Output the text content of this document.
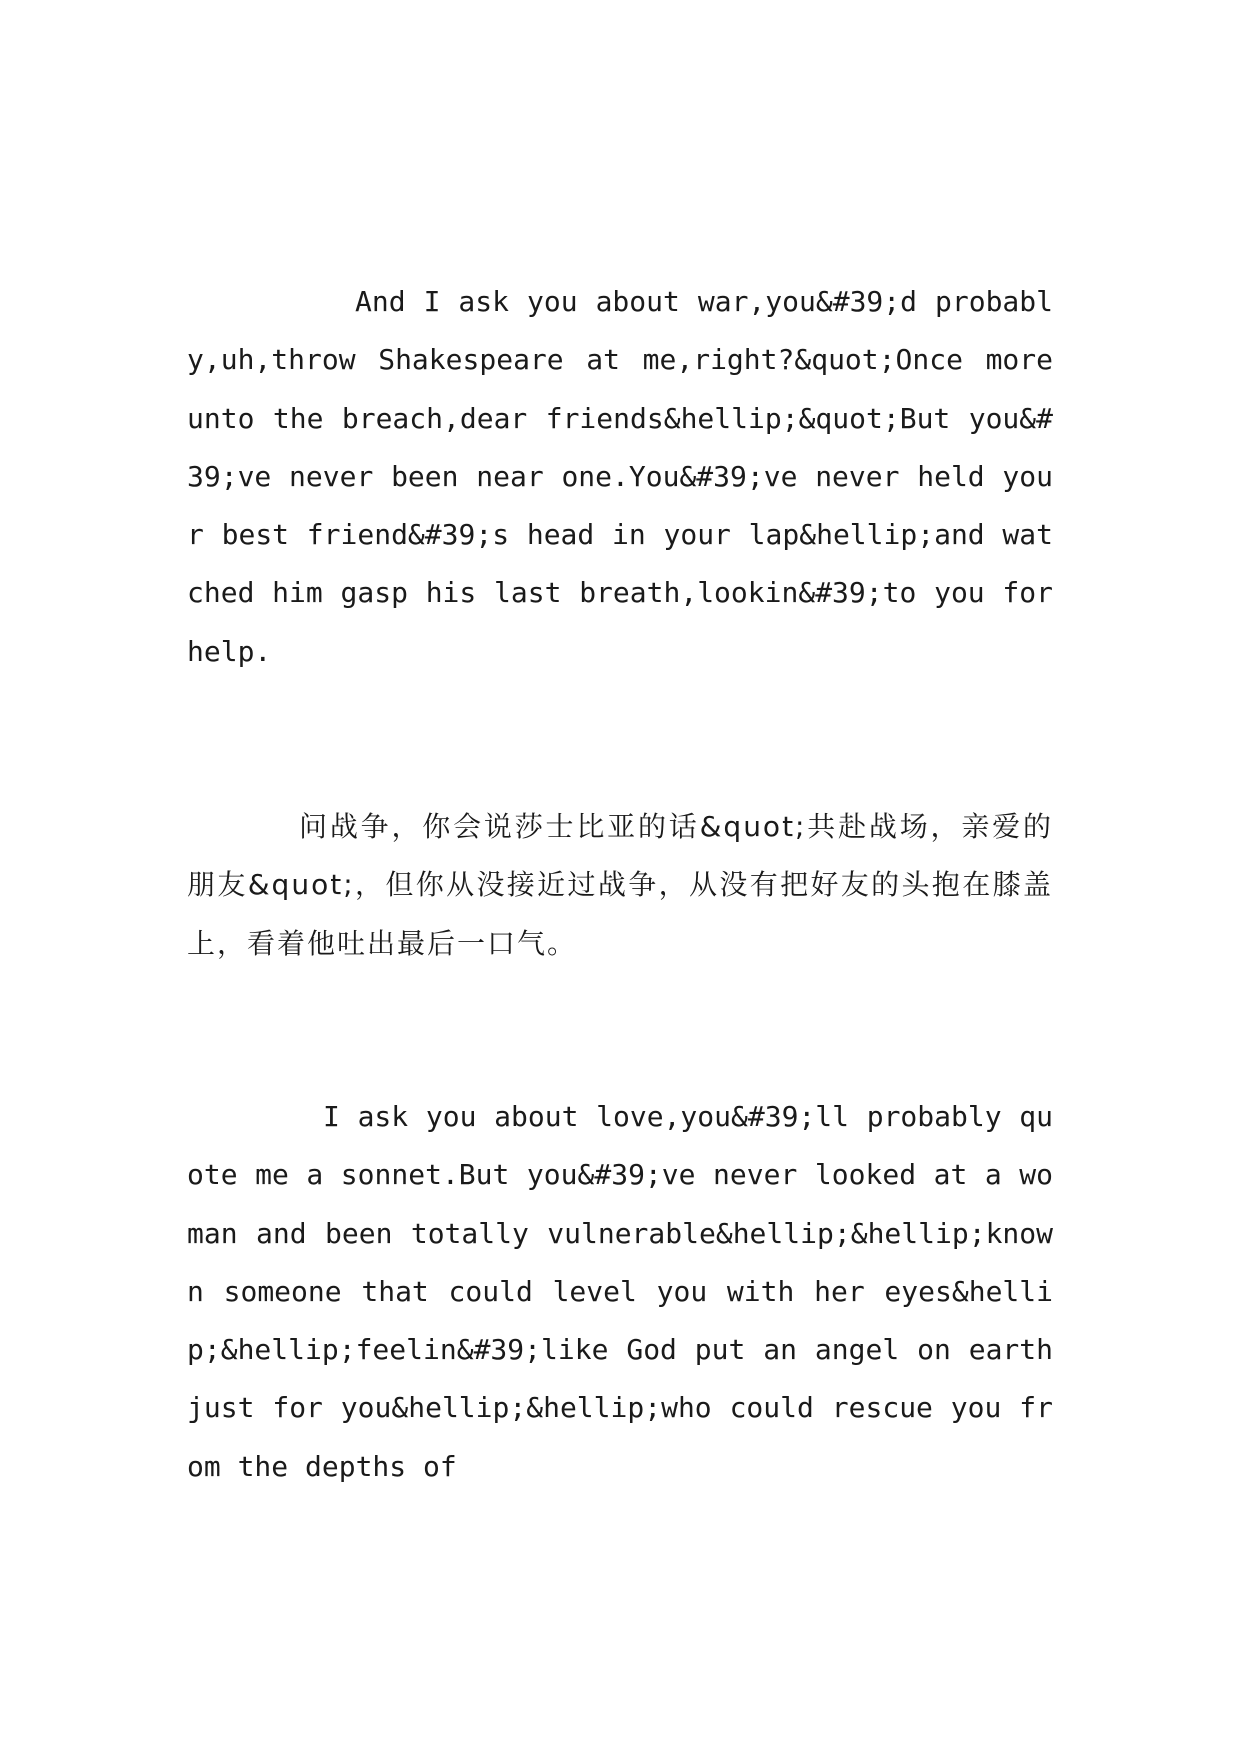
And I ask you about war,you&#39;d probably,uh,throw Shakespeare at me,right?&quot;Once more unto the breach,dear friends&hellip;&quot;But you&#39;ve never been near one.You&#39;ve never held your best friend&#39;s head in your lap&hellip;and watched him gasp his last breath,lookin&#39;to you for help.

问战争，你会说莎士比亚的话&quot;共赴战场，亲爱的朋友&quot;，但你从没接近过战争，从没有把好友的头抱在膝盖上，看着他吐出最后一口气。

I ask you about love,you&#39;ll probably quote me a sonnet.But you&#39;ve never looked at a woman and been totally vulnerable&hellip;&hellip;known someone that could level you with her eyes&hellip;&hellip;feelin&#39;like God put an angel on earth just for you&hellip;&hellip;who could rescue you from the depths of
